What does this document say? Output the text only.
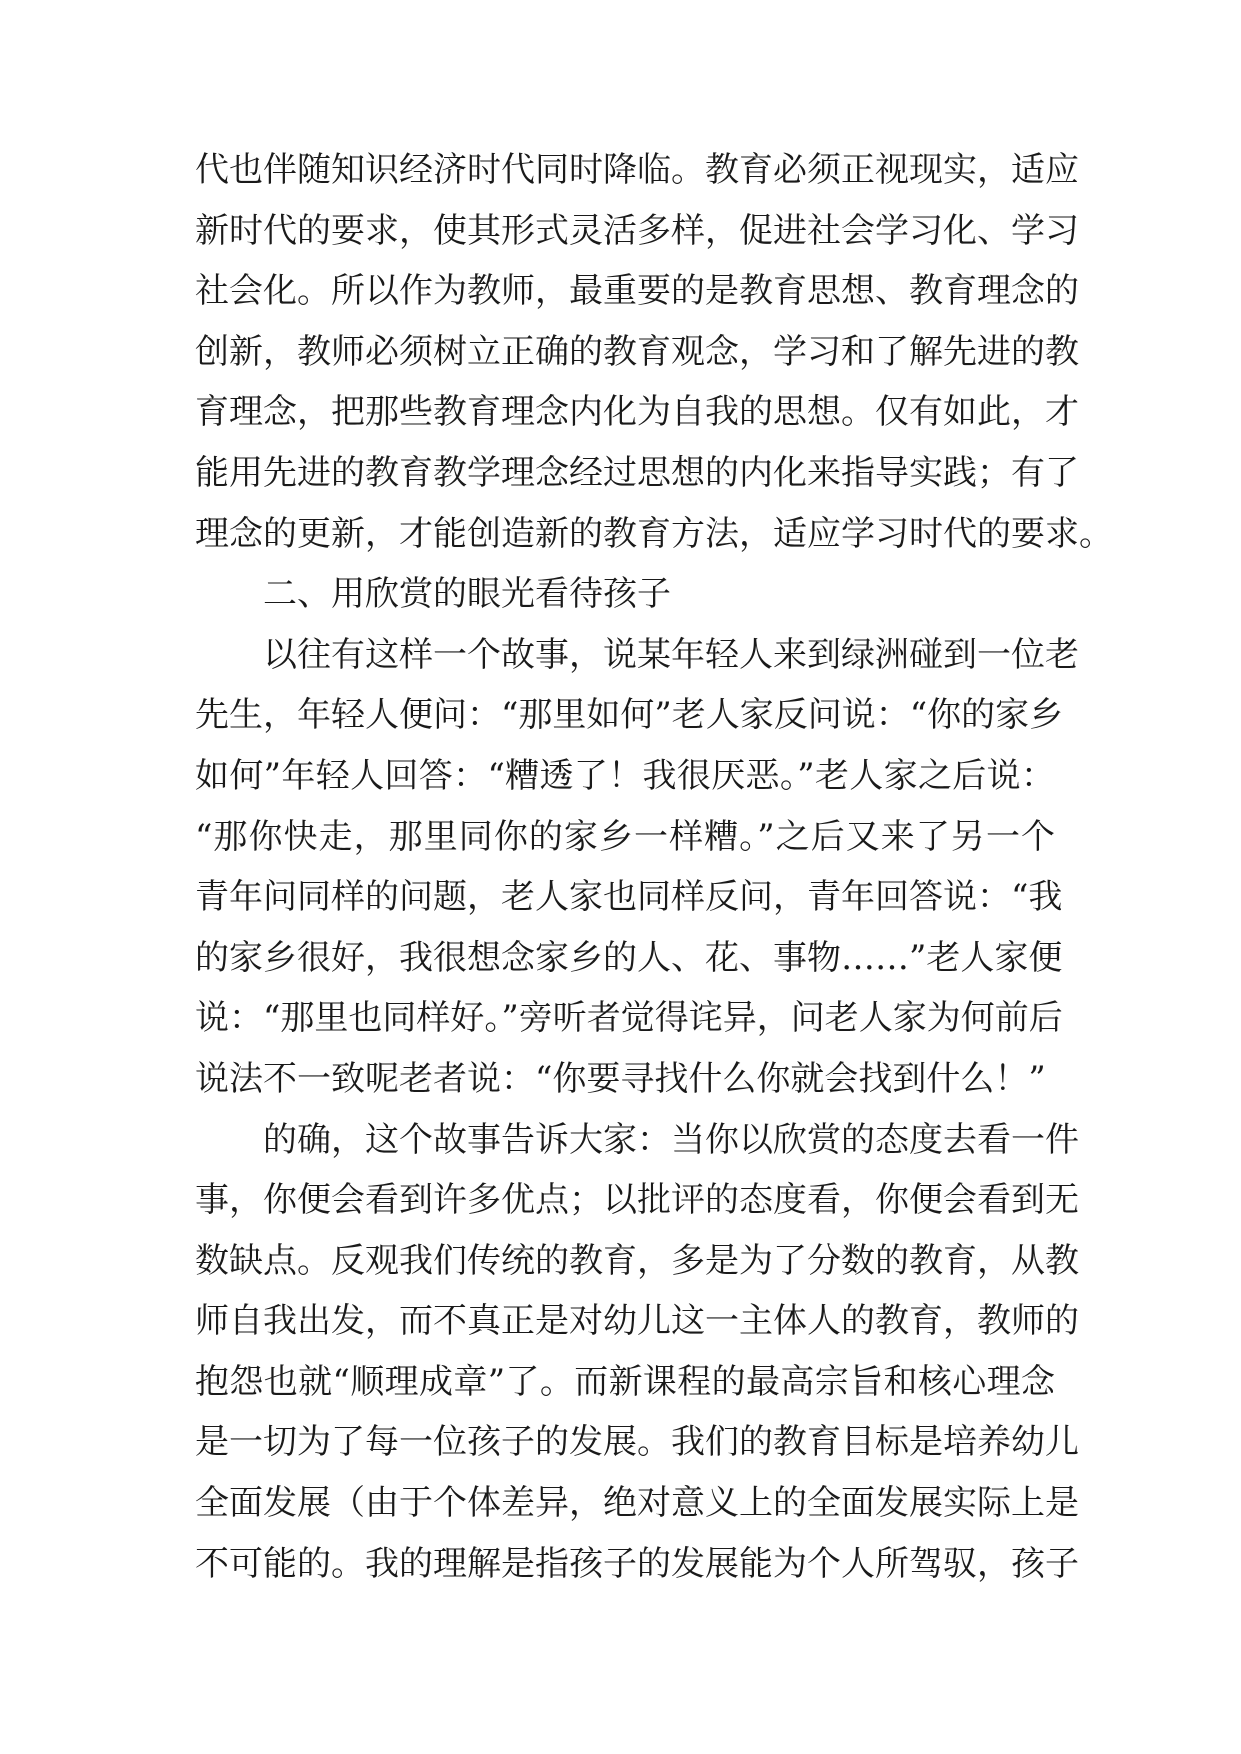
代也伴随知识经济时代同时降临。教育必须正视现实，适应
新时代的要求，使其形式灵活多样，促进社会学习化、学习
社会化。所以作为教师，最重要的是教育思想、教育理念的
创新，教师必须树立正确的教育观念，学习和了解先进的教
育理念，把那些教育理念内化为自我的思想。仅有如此，才
能用先进的教育教学理念经过思想的内化来指导实践；有了
理念的更新，才能创造新的教育方法，适应学习时代的要求。
二、用欣赏的眼光看待孩子
以往有这样一个故事，说某年轻人来到绿洲碰到一位老
先生，年轻人便问：“那里如何”老人家反问说：“你的家乡
如何”年轻人回答：“糟透了！我很厌恶。”老人家之后说：
“那你快走，那里同你的家乡一样糟。”之后又来了另一个
青年问同样的问题，老人家也同样反问，青年回答说：“我
的家乡很好，我很想念家乡的人、花、事物……”老人家便
说：“那里也同样好。”旁听者觉得诧异，问老人家为何前后
说法不一致呢老者说：“你要寻找什么你就会找到什么！”
的确，这个故事告诉大家：当你以欣赏的态度去看一件
事，你便会看到许多优点；以批评的态度看，你便会看到无
数缺点。反观我们传统的教育，多是为了分数的教育，从教
师自我出发，而不真正是对幼儿这一主体人的教育，教师的
抱怨也就“顺理成章”了。而新课程的最高宗旨和核心理念
是一切为了每一位孩子的发展。我们的教育目标是培养幼儿
全面发展（由于个体差异，绝对意义上的全面发展实际上是
不可能的。我的理解是指孩子的发展能为个人所驾驭，孩子
